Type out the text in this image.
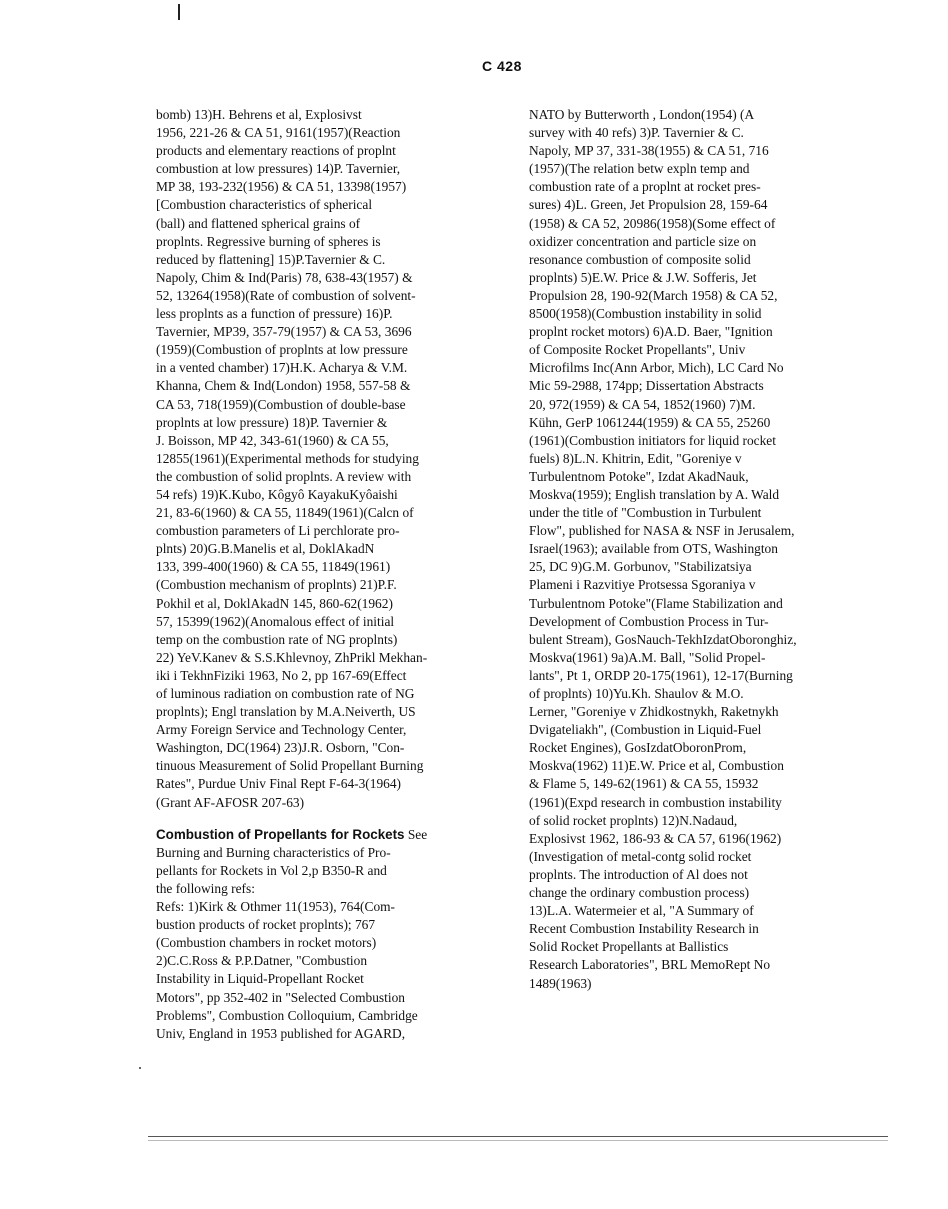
C 428
bomb) 13)H. Behrens et al, Explosivst
1956, 221-26 & CA 51, 9161(1957)(Reaction
products and elementary reactions of proplnt
combustion at low pressures) 14)P. Tavernier,
MP 38, 193-232(1956) & CA 51, 13398(1957)
[Combustion characteristics of spherical
(ball) and flattened spherical grains of
proplnts. Regressive burning of spheres is
reduced by flattening] 15)P.Tavernier & C.
Napoly, Chim & Ind(Paris) 78, 638-43(1957) &
52, 13264(1958)(Rate of combustion of solvent-
less proplnts as a function of pressure) 16)P.
Tavernier, MP39, 357-79(1957) & CA 53, 3696
(1959)(Combustion of proplnts at low pressure
in a vented chamber) 17)H.K. Acharya & V.M.
Khanna, Chem & Ind(London) 1958, 557-58 &
CA 53, 718(1959)(Combustion of double-base
proplnts at low pressure) 18)P. Tavernier &
J. Boisson, MP 42, 343-61(1960) & CA 55,
12855(1961)(Experimental methods for studying
the combustion of solid proplnts. A review with
54 refs) 19)K.Kubo, Kôgyô KayakuKyôaishi
21, 83-6(1960) & CA 55, 11849(1961)(Calcn of
combustion parameters of Li perchlorate pro-
plnts) 20)G.B.Manelis et al, DoklAkadN
133, 399-400(1960) & CA 55, 11849(1961)
(Combustion mechanism of proplnts) 21)P.F.
Pokhil et al, DoklAkadN 145, 860-62(1962)
57, 15399(1962)(Anomalous effect of initial
temp on the combustion rate of NG proplnts)
22) YeV.Kanev & S.S.Khlevnoy, ZhPrikl Mekhan-
iki i TekhnFiziki 1963, No 2, pp 167-69(Effect
of luminous radiation on combustion rate of NG
proplnts); Engl translation by M.A.Neiverth, US
Army Foreign Service and Technology Center,
Washington, DC(1964) 23)J.R. Osborn, "Con-
tinuous Measurement of Solid Propellant Burning
Rates", Purdue Univ Final Rept F-64-3(1964)
(Grant AF-AFOSR 207-63)
Combustion of Propellants for Rockets See
Burning and Burning characteristics of Pro-
pellants for Rockets in Vol 2,p B350-R and
the following refs:
Refs: 1)Kirk & Othmer 11(1953), 764(Com-
bustion products of rocket proplnts); 767
(Combustion chambers in rocket motors)
2)C.C.Ross & P.P.Datner, "Combustion
Instability in Liquid-Propellant Rocket
Motors", pp 352-402 in "Selected Combustion
Problems", Combustion Colloquium, Cambridge
Univ, England in 1953 published for AGARD,
NATO by Butterworth , London(1954) (A
survey with 40 refs) 3)P. Tavernier & C.
Napoly, MP 37, 331-38(1955) & CA 51, 716
(1957)(The relation betw expln temp and
combustion rate of a proplnt at rocket pres-
sures) 4)L. Green, Jet Propulsion 28, 159-64
(1958) & CA 52, 20986(1958)(Some effect of
oxidizer concentration and particle size on
resonance combustion of composite solid
proplnts) 5)E.W. Price & J.W. Sofferis, Jet
Propulsion 28, 190-92(March 1958) & CA 52,
8500(1958)(Combustion instability in solid
proplnt rocket motors) 6)A.D. Baer, "Ignition
of Composite Rocket Propellants", Univ
Microfilms Inc(Ann Arbor, Mich), LC Card No
Mic 59-2988, 174pp; Dissertation Abstracts
20, 972(1959) & CA 54, 1852(1960) 7)M.
Kühn, GerP 1061244(1959) & CA 55, 25260
(1961)(Combustion initiators for liquid rocket
fuels) 8)L.N. Khitrin, Edit, "Goreniye v
Turbulentnom Potoke", Izdat AkadNauk,
Moskva(1959); English translation by A. Wald
under the title of "Combustion in Turbulent
Flow", published for NASA & NSF in Jerusalem,
Israel(1963); available from OTS, Washington
25, DC 9)G.M. Gorbunov, "Stabilizatsiya
Plameni i Razvitiye Protsessa Sgoraniya v
Turbulentnom Potoke"(Flame Stabilization and
Development of Combustion Process in Tur-
bulent Stream), GosNauch-TekhIzdatOboronghiz,
Moskva(1961) 9a)A.M. Ball, "Solid Propel-
lants", Pt 1, ORDP 20-175(1961), 12-17(Burning
of proplnts) 10)Yu.Kh. Shaulov & M.O.
Lerner, "Goreniye v Zhidkostnykh, Raketnykh
Dvigateliakh", (Combustion in Liquid-Fuel
Rocket Engines), GosIzdatOboronProm,
Moskva(1962) 11)E.W. Price et al, Combustion
& Flame 5, 149-62(1961) & CA 55, 15932
(1961)(Expd research in combustion instability
of solid rocket proplnts) 12)N.Nadaud,
Explosivst 1962, 186-93 & CA 57, 6196(1962)
(Investigation of metal-contg solid rocket
proplnts. The introduction of Al does not
change the ordinary combustion process)
13)L.A. Watermeier et al, "A Summary of
Recent Combustion Instability Research in
Solid Rocket Propellants at Ballistics
Research Laboratories", BRL MemoRept No
1489(1963)
